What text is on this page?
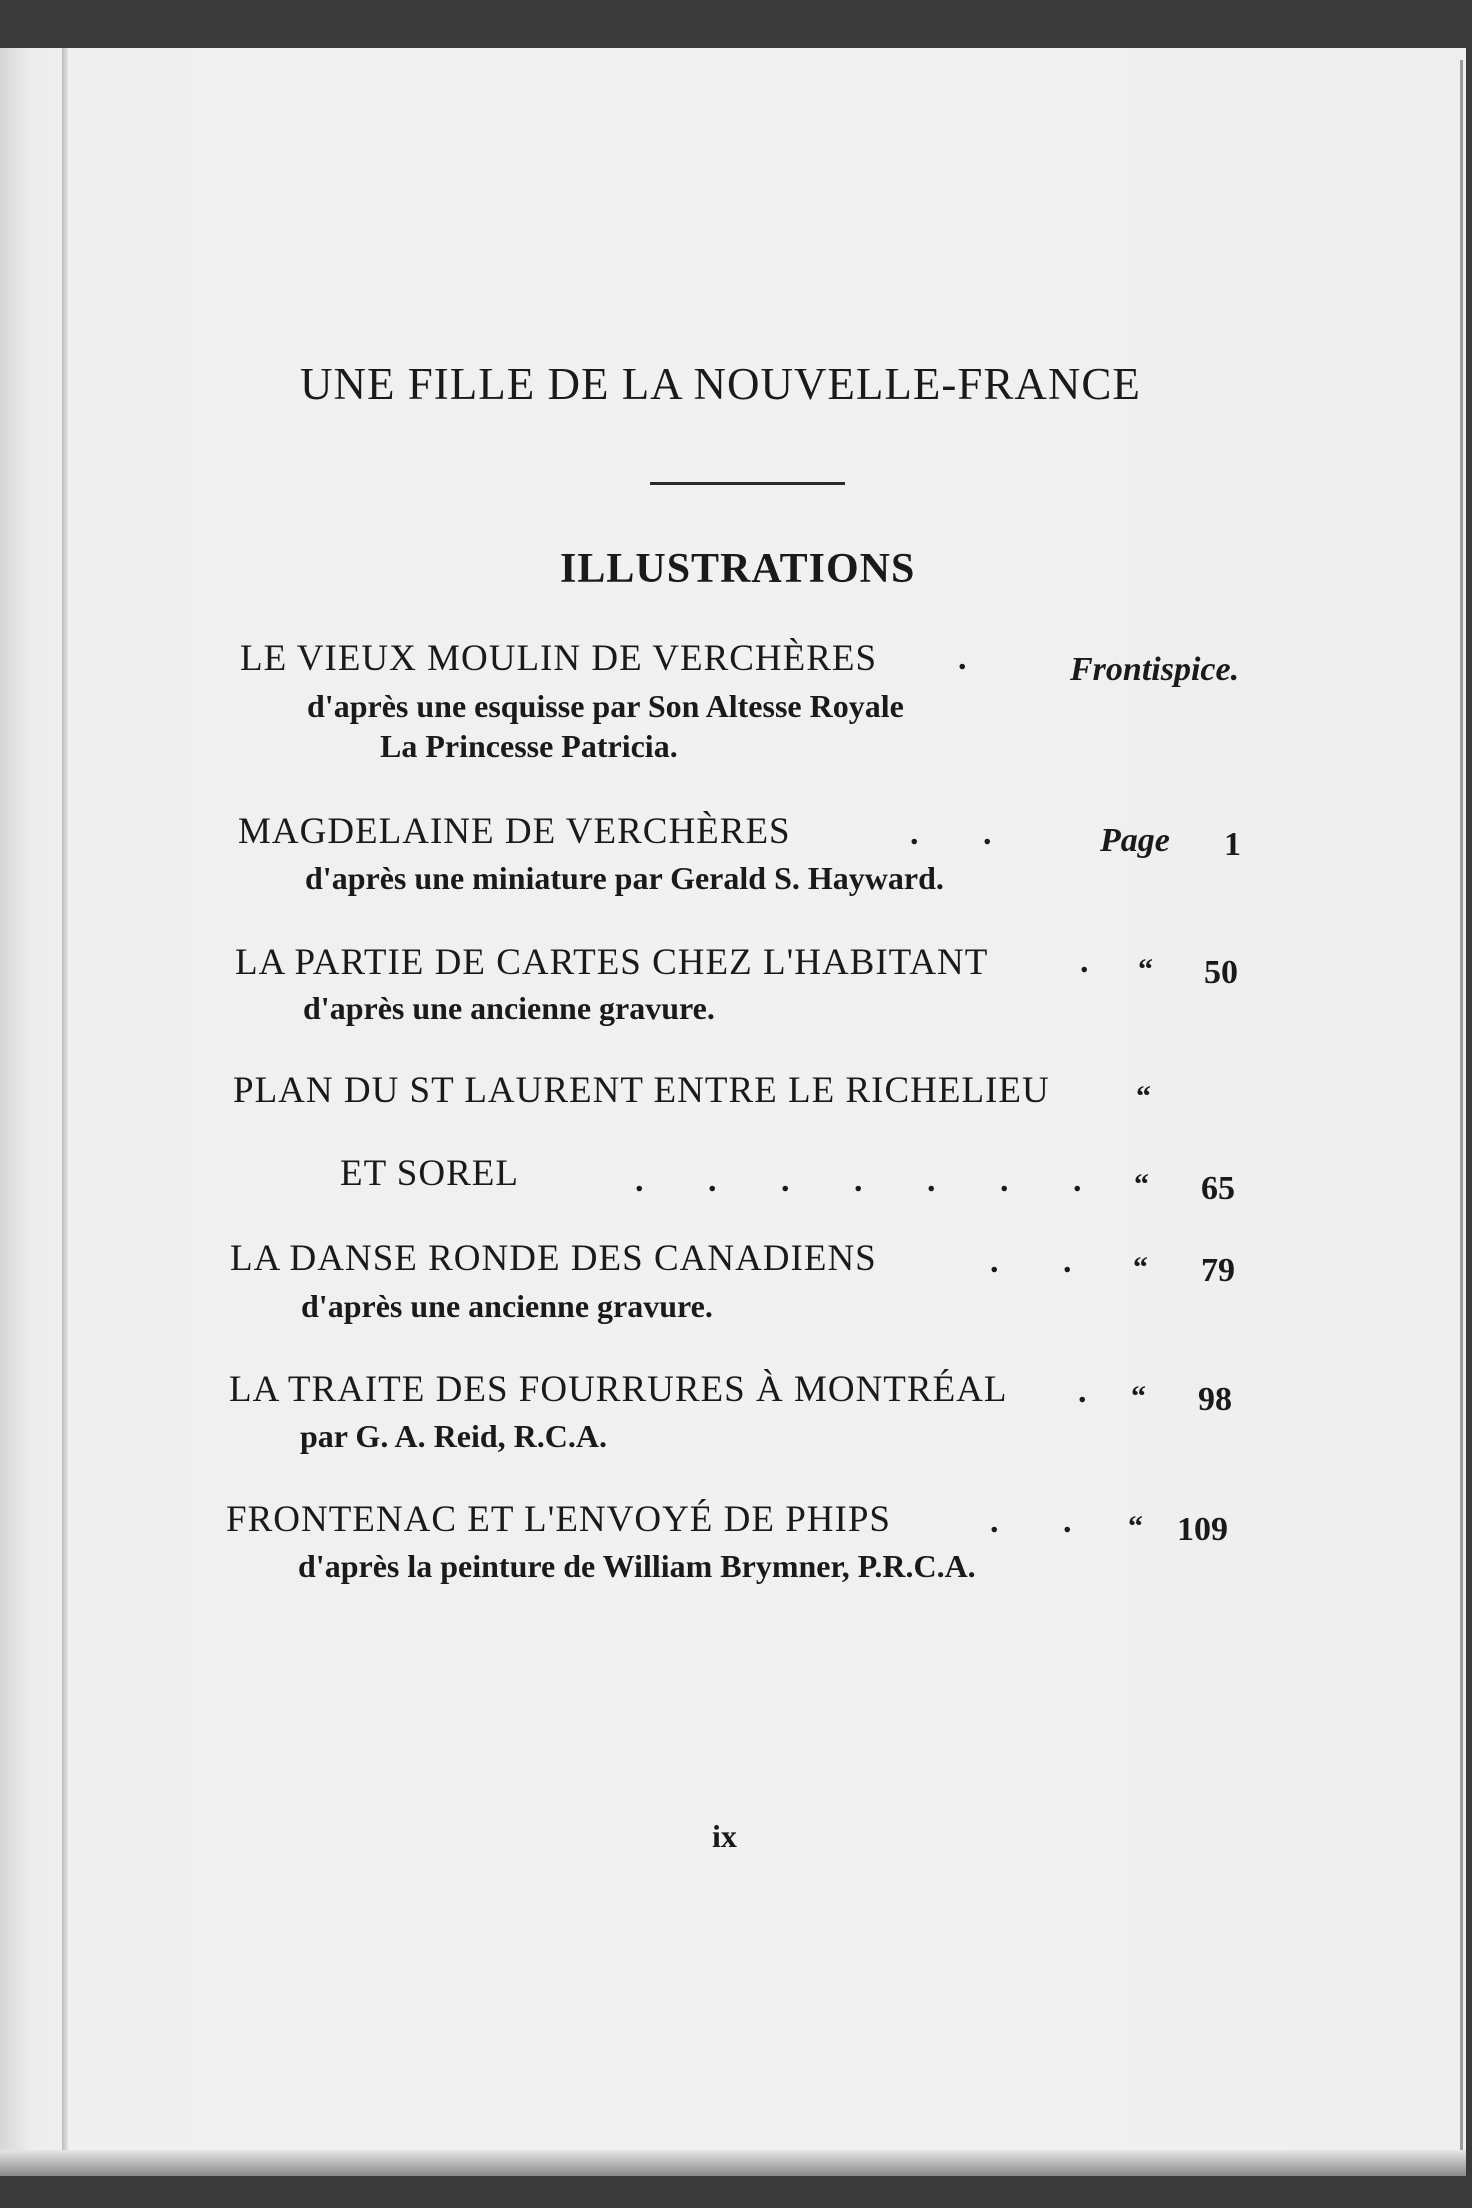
UNE FILLE DE LA NOUVELLE-FRANCE
ILLUSTRATIONS
LE VIEUX MOULIN DE VERCHÈRES . Frontispice.
d'après une esquisse par Son Altesse Royale
La Princesse Patricia.
MAGDELAINE DE VERCHÈRES	. . Page 1
d'après une miniature par Gerald S. Hayward.
LA PARTIE DE CARTES CHEZ L'HABITANT	. “ 50
d'après une ancienne gravure.
PLAN DU ST LAURENT ENTRE LE RICHELIEU	“
ET SOREL	. . . . . . . “ 65
LA DANSE RONDE DES CANADIENS	. . “ 79
d'après une ancienne gravure.
LA TRAITE DES FOURRURES À MONTRÉAL . “ 98
par G. A. Reid, R.C.A.
FRONTENAC ET L'ENVOYÉ DE PHIPS	. . “ 109
d'après la peinture de William Brymner, P.R.C.A.
ix
